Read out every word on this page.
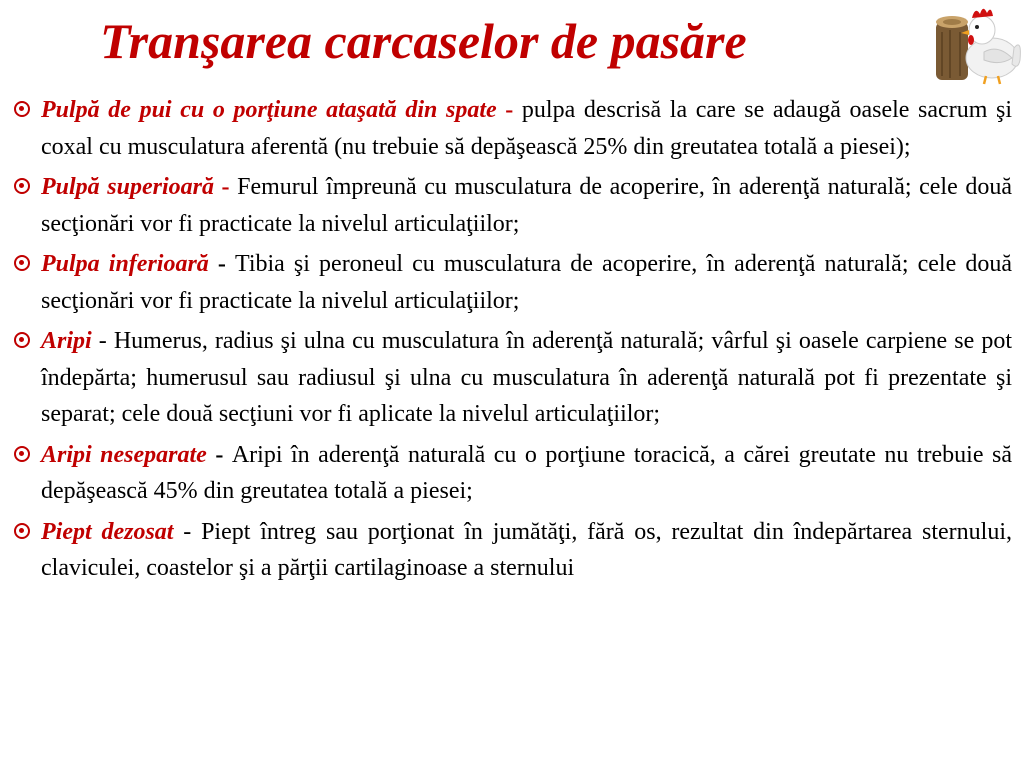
Tranşarea carcaselor de pasăre
Pulpă de pui cu o porţiune ataşată din spate - pulpa descrisă la care se adaugă oasele sacrum şi coxal cu musculatura aferentă (nu trebuie să depăşească 25% din greutatea totală a piesei);
Pulpă superioară - Femurul împreună cu musculatura de acoperire, în aderenţă naturală; cele două secţionări vor fi practicate la nivelul articulaţiilor;
Pulpa inferioară - Tibia şi peroneul cu musculatura de acoperire, în aderenţă naturală; cele două secţionări vor fi practicate la nivelul articulaţiilor;
Aripi - Humerus, radius şi ulna cu musculatura în aderenţă naturală; vârful şi oasele carpiene se pot îndepărta; humerusul sau radiusul şi ulna cu musculatura în aderenţă naturală pot fi prezentate şi separat; cele două secţiuni vor fi aplicate la nivelul articulaţiilor;
Aripi neseparate - Aripi în aderenţă naturală cu o porţiune toracică, a cărei greutate nu trebuie să depăşească 45% din greutatea totală a piesei;
Piept dezosat - Piept întreg sau porţionat în jumătăţi, fără os, rezultat din îndepărtarea sternului, claviculei, coastelor şi a părţii cartilaginoase a sternului
